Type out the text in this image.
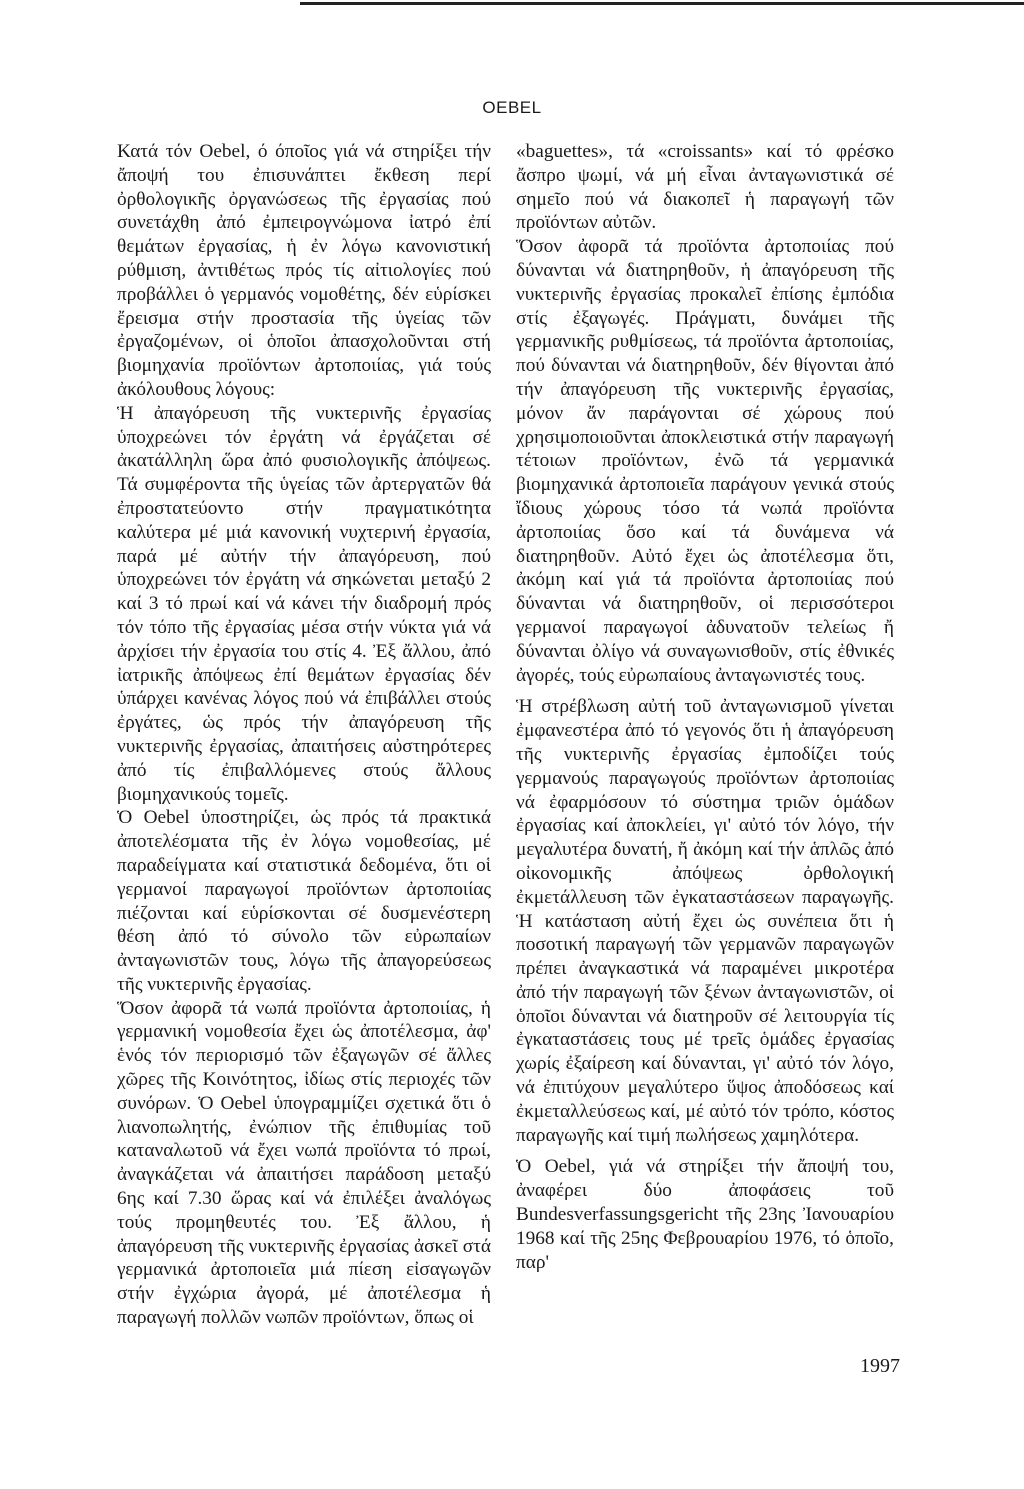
OEBEL

Κατά τόν Oebel, ό όποῖος γιά νά στηρίξει τήν ἄποψή του ἐπισυνάπτει ἔκθεση περί ὀρθολογικῆς ὀργανώσεως τῆς ἐργασίας πού συνετάχθη ἀπό ἐμπειρογνώμονα ἰατρό ἐπί θεμάτων ἐργασίας, ἡ ἐν λόγω κανονιστική ρύθμιση, ἀντιθέτως πρός τίς αἰτιολογίες πού προβάλλει ὁ γερμανός νομοθέτης, δέν εὑρίσκει ἔρεισμα στήν προστασία τῆς ὑγείας τῶν ἐργαζομένων, οἱ ὁποῖοι ἀπασχολοῦνται στή βιομηχανία προϊόντων ἀρτοποιίας, γιά τούς ἀκόλουθους λόγους:

Ἡ ἀπαγόρευση τῆς νυκτερινῆς ἐργασίας ὑποχρεώνει τόν ἐργάτη νά ἐργάζεται σέ ἀκατάλληλη ὥρα ἀπό φυσιολογικῆς ἀπόψεως. Τά συμφέροντα τῆς ὑγείας τῶν ἀρτεργατῶν θά ἐπροστατεύοντο στήν πραγματικότητα καλύτερα μέ μιά κανονική νυχτερινή ἐργασία, παρά μέ αὐτήν τήν ἀπαγόρευση, πού ὑποχρεώνει τόν ἐργάτη νά σηκώνεται μεταξύ 2 καί 3 τό πρωί καί νά κάνει τήν διαδρομή πρός τόν τόπο τῆς ἐργασίας μέσα στήν νύκτα γιά νά ἀρχίσει τήν ἐργασία του στίς 4. Ἐξ ἄλλου, ἀπό ἰατρικῆς ἀπόψεως ἐπί θεμάτων ἐργασίας δέν ὑπάρχει κανένας λόγος πού νά ἐπιβάλλει στούς ἐργάτες, ὡς πρός τήν ἀπαγόρευση τῆς νυκτερινῆς ἐργασίας, ἀπαιτήσεις αὐστηρότερες ἀπό τίς ἐπιβαλλόμενες στούς ἄλλους βιομηχανικούς τομεῖς.

Ὁ Oebel ὑποστηρίζει, ὡς πρός τά πρακτικά ἀποτελέσματα τῆς ἐν λόγω νομοθεσίας, μέ παραδείγματα καί στατιστικά δεδομένα, ὅτι οἱ γερμανοί παραγωγοί προϊόντων ἀρτοποιίας πιέζονται καί εὑρίσκονται σέ δυσμενέστερη θέση ἀπό τό σύνολο τῶν εὐρωπαίων ἀνταγωνιστῶν τους, λόγω τῆς ἀπαγορεύσεως τῆς νυκτερινῆς ἐργασίας.

Ὅσον ἀφορᾶ τά νωπά προϊόντα ἀρτοποιίας, ἡ γερμανική νομοθεσία ἔχει ὡς ἀποτέλεσμα, ἀφ' ἑνός τόν περιορισμό τῶν ἐξαγωγῶν σέ ἄλλες χῶρες τῆς Κοινότητος, ἰδίως στίς περιοχές τῶν συνόρων. Ὁ Oebel ὑπογραμμίζει σχετικά ὅτι ὁ λιανοπωλητής, ἐνώπιον τῆς ἐπιθυμίας τοῦ καταναλωτοῦ νά ἔχει νωπά προϊόντα τό πρωί, ἀναγκάζεται νά ἀπαιτήσει παράδοση μεταξύ 6ης καί 7.30 ὥρας καί νά ἐπιλέξει ἀναλόγως τούς προμηθευτές του. Ἐξ ἄλλου, ἡ ἀπαγόρευση τῆς νυκτερινῆς ἐργασίας ἀσκεῖ στά γερμανικά ἀρτοποιεῖα μιά πίεση εἰσαγωγῶν στήν ἐγχώρια ἀγορά, μέ ἀποτέλεσμα ἡ παραγωγή πολλῶν νωπῶν προϊόντων, ὅπως οἱ

«baguettes», τά «croissants» καί τό φρέσκο ἄσπρο ψωμί, νά μή εἶναι ἀνταγωνιστικά σέ σημεῖο πού νά διακοπεῖ ἡ παραγωγή τῶν προϊόντων αὐτῶν.

Ὅσον ἀφορᾶ τά προϊόντα ἀρτοποιίας πού δύνανται νά διατηρηθοῦν, ἡ ἀπαγόρευση τῆς νυκτερινῆς ἐργασίας προκαλεῖ ἐπίσης ἐμπόδια στίς ἐξαγωγές. Πράγματι, δυνάμει τῆς γερμανικῆς ρυθμίσεως, τά προϊόντα ἀρτοποιίας, πού δύνανται νά διατηρηθοῦν, δέν θίγονται ἀπό τήν ἀπαγόρευση τῆς νυκτερινῆς ἐργασίας, μόνον ἄν παράγονται σέ χώρους πού χρησιμοποιοῦνται ἀποκλειστικά στήν παραγωγή τέτοιων προϊόντων, ἐνῶ τά γερμανικά βιομηχανικά ἀρτοποιεῖα παράγουν γενικά στούς ἴδιους χώρους τόσο τά νωπά προϊόντα ἀρτοποιίας ὅσο καί τά δυνάμενα νά διατηρηθοῦν. Αὐτό ἔχει ὡς ἀποτέλεσμα ὅτι, ἀκόμη καί γιά τά προϊόντα ἀρτοποιίας πού δύνανται νά διατηρηθοῦν, οἱ περισσότεροι γερμανοί παραγωγοί ἀδυνατοῦν τελείως ἤ δύνανται ὀλίγο νά συναγωνισθοῦν, στίς ἐθνικές ἀγορές, τούς εὐρωπαίους ἀνταγωνιστές τους.

Ἡ στρέβλωση αὐτή τοῦ ἀνταγωνισμοῦ γίνεται ἐμφανεστέρα ἀπό τό γεγονός ὅτι ἡ ἀπαγόρευση τῆς νυκτερινῆς ἐργασίας ἐμποδίζει τούς γερμανούς παραγωγούς προϊόντων ἀρτοποιίας νά ἐφαρμόσουν τό σύστημα τριῶν ὁμάδων ἐργασίας καί ἀποκλείει, γι' αὐτό τόν λόγο, τήν μεγαλυτέρα δυνατή, ἤ ἀκόμη καί τήν ἁπλῶς ἀπό οἰκονομικῆς ἀπόψεως ὀρθολογική ἐκμετάλλευση τῶν ἐγκαταστάσεων παραγωγῆς. Ἡ κατάσταση αὐτή ἔχει ὡς συνέπεια ὅτι ἡ ποσοτική παραγωγή τῶν γερμανῶν παραγωγῶν πρέπει ἀναγκαστικά νά παραμένει μικροτέρα ἀπό τήν παραγωγή τῶν ξένων ἀνταγωνιστῶν, οἱ ὁποῖοι δύνανται νά διατηροῦν σέ λειτουργία τίς ἐγκαταστάσεις τους μέ τρεῖς ὁμάδες ἐργασίας χωρίς ἐξαίρεση καί δύνανται, γι' αὐτό τόν λόγο, νά ἐπιτύχουν μεγαλύτερο ὕψος ἀποδόσεως καί ἐκμεταλλεύσεως καί, μέ αὐτό τόν τρόπο, κόστος παραγωγῆς καί τιμή πωλήσεως χαμηλότερα.

Ὁ Oebel, γιά νά στηρίξει τήν ἄποψή του, ἀναφέρει δύο ἀποφάσεις τοῦ Bundesverfassungsgericht τῆς 23ης Ἰανουαρίου 1968 καί τῆς 25ης Φεβρουαρίου 1976, τό ὁποῖο, παρ'

1997
